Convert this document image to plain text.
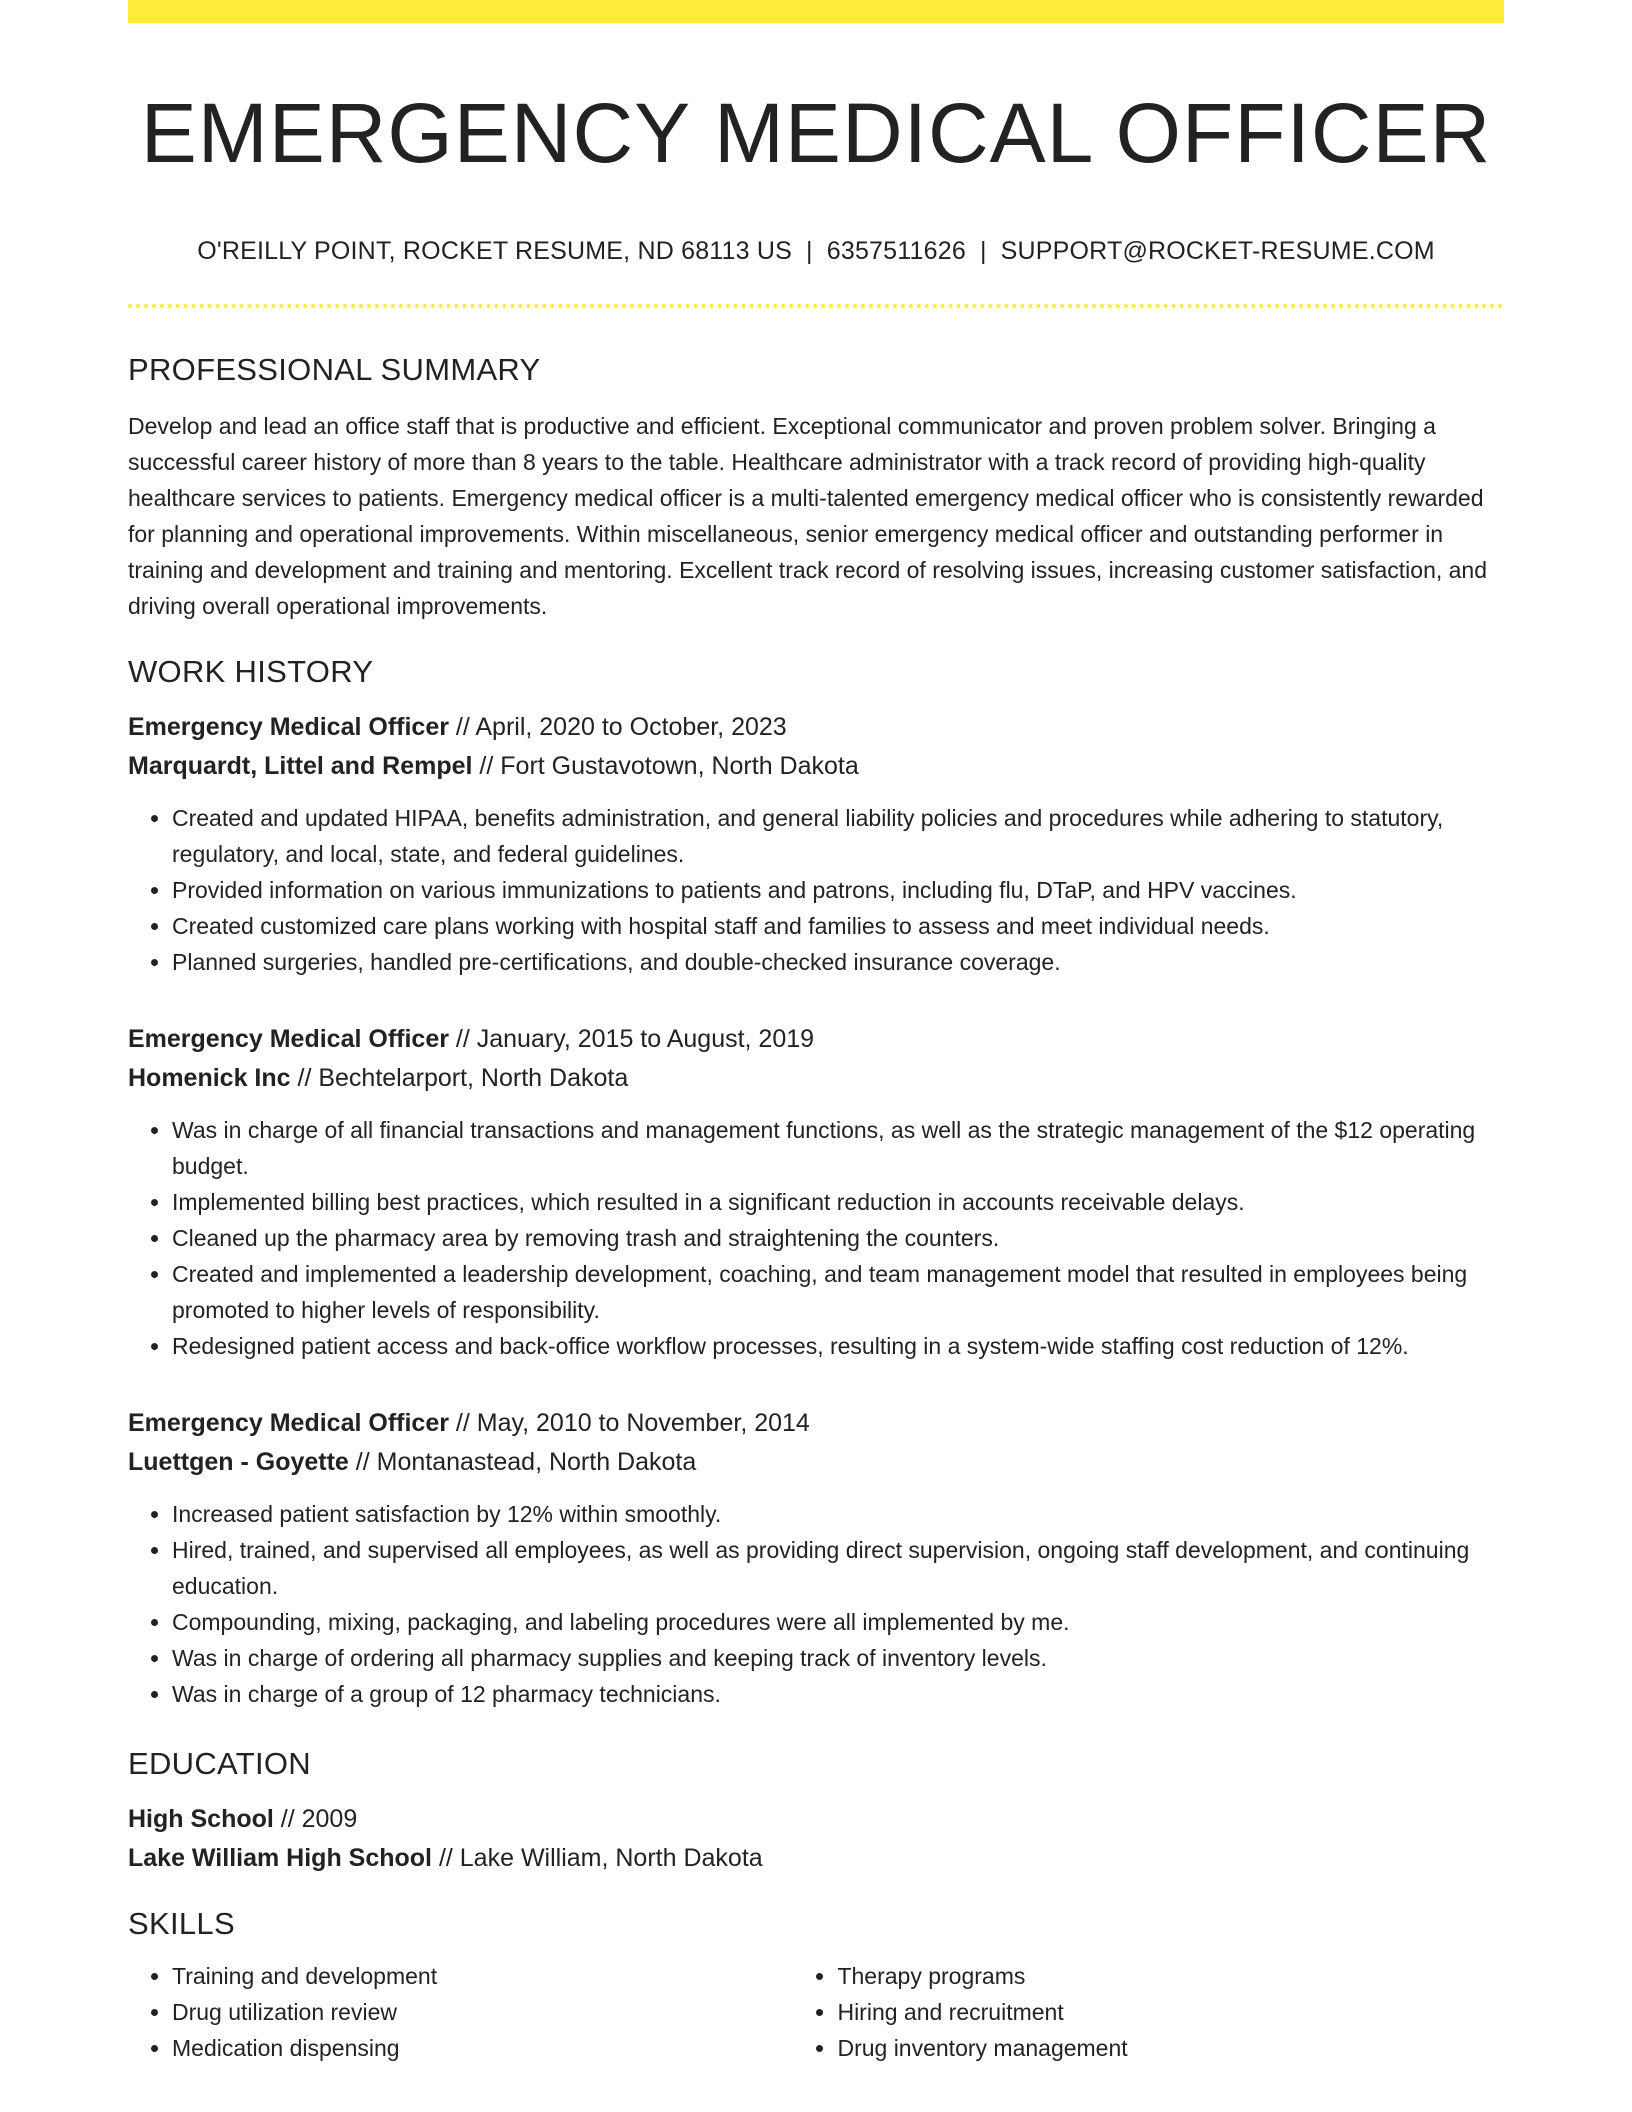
EMERGENCY MEDICAL OFFICER
O'REILLY POINT, ROCKET RESUME, ND 68113 US | 6357511626 | SUPPORT@ROCKET-RESUME.COM
PROFESSIONAL SUMMARY

Develop and lead an office staff that is productive and efficient. Exceptional communicator and proven problem solver. Bringing a successful career history of more than 8 years to the table. Healthcare administrator with a track record of providing high-quality healthcare services to patients. Emergency medical officer is a multi-talented emergency medical officer who is consistently rewarded for planning and operational improvements. Within miscellaneous, senior emergency medical officer and outstanding performer in training and development and training and mentoring. Excellent track record of resolving issues, increasing customer satisfaction, and driving overall operational improvements.

WORK HISTORY
Emergency Medical Officer // April, 2020 to October, 2023
Marquardt, Littel and Rempel // Fort Gustavotown, North Dakota
• Created and updated HIPAA, benefits administration, and general liability policies and procedures while adhering to statutory, regulatory, and local, state, and federal guidelines.
• Provided information on various immunizations to patients and patrons, including flu, DTaP, and HPV vaccines.
• Created customized care plans working with hospital staff and families to assess and meet individual needs.
• Planned surgeries, handled pre-certifications, and double-checked insurance coverage.
Emergency Medical Officer // January, 2015 to August, 2019
Homenick Inc // Bechtelarport, North Dakota
• Was in charge of all financial transactions and management functions, as well as the strategic management of the $12 operating budget.
• Implemented billing best practices, which resulted in a significant reduction in accounts receivable delays.
• Cleaned up the pharmacy area by removing trash and straightening the counters.
• Created and implemented a leadership development, coaching, and team management model that resulted in employees being promoted to higher levels of responsibility.
• Redesigned patient access and back-office workflow processes, resulting in a system-wide staffing cost reduction of 12%.
Emergency Medical Officer // May, 2010 to November, 2014
Luettgen - Goyette // Montanastead, North Dakota
• Increased patient satisfaction by 12% within smoothly.
• Hired, trained, and supervised all employees, as well as providing direct supervision, ongoing staff development, and continuing education.
• Compounding, mixing, packaging, and labeling procedures were all implemented by me.
• Was in charge of ordering all pharmacy supplies and keeping track of inventory levels.
• Was in charge of a group of 12 pharmacy technicians.
EDUCATION
High School // 2009
Lake William High School // Lake William, North Dakota
SKILLS
• Training and development
• Drug utilization review
• Medication dispensing
• Therapy programs
• Hiring and recruitment
• Drug inventory management
